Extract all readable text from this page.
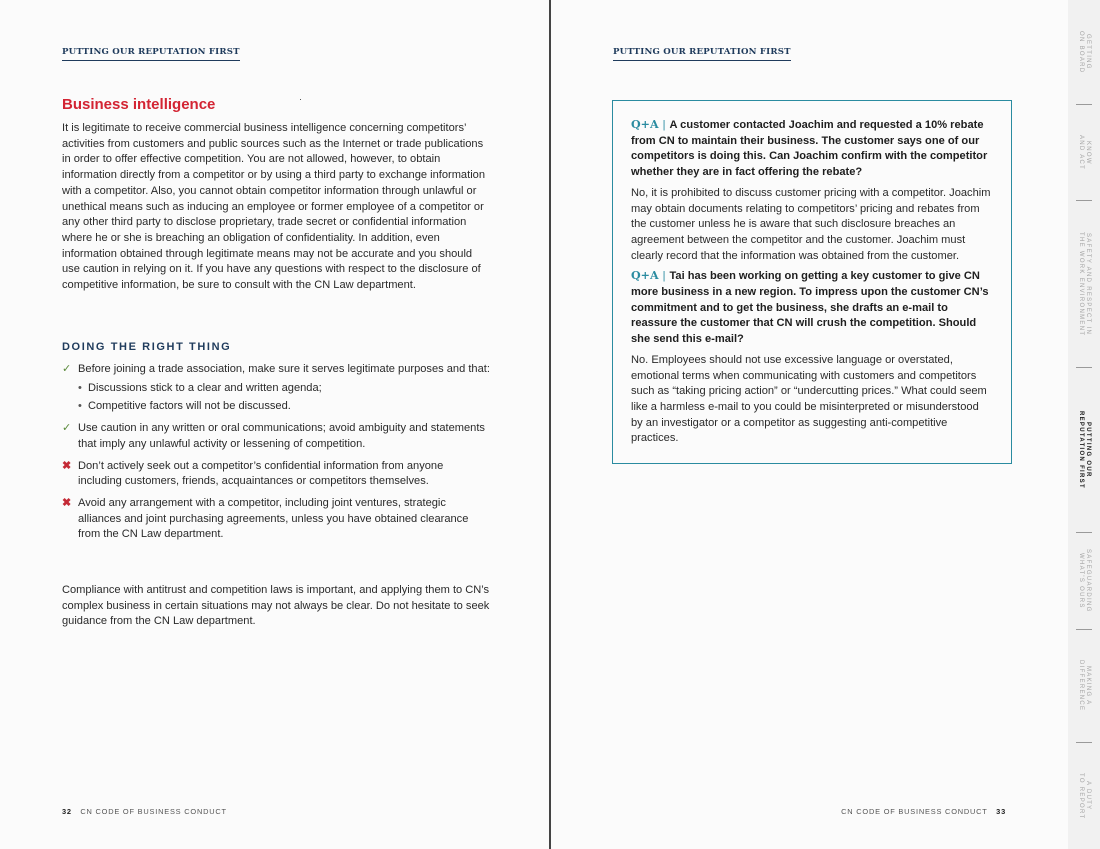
PUTTING OUR REPUTATION FIRST
Business intelligence

It is legitimate to receive commercial business intelligence concerning competitors’ activities from customers and public sources such as the Internet or trade publications in order to offer effective competition. You are not allowed, however, to obtain information directly from a competitor or by using a third party to exchange information with a competitor. Also, you cannot obtain competitor information through unlawful or unethical means such as inducing an employee or former employee of a competitor or any other third party to disclose proprietary, trade secret or confidential information where he or she is breaching an obligation of confidentiality. In addition, even information obtained through legitimate means may not be accurate and you should use caution in relying on it. If you have any questions with respect to the disclosure of competitive information, be sure to consult with the CN Law department.

DOING THE RIGHT THING
✓ Before joining a trade association, make sure it serves legitimate purposes and that:

• Discussions stick to a clear and written agenda;

• Competitive factors will not be discussed.

✓ Use caution in any written or oral communications; avoid ambiguity and statements that imply any unlawful activity or lessening of competition.

✖ Don’t actively seek out a competitor’s confidential information from anyone including customers, friends, acquaintances or competitors themselves.

✖ Avoid any arrangement with a competitor, including joint ventures, strategic alliances and joint purchasing agreements, unless you have obtained clearance from the CN Law department.

Compliance with antitrust and competition laws is important, and applying them to CN’s complex business in certain situations may not always be clear. Do not hesitate to seek guidance from the CN Law department.

32 CN CODE OF BUSINESS CONDUCT
PUTTING OUR REPUTATION FIRST

Q+A | A customer contacted Joachim and requested a 10% rebate from CN to maintain their business. The customer says one of our competitors is doing this. Can Joachim confirm with the competitor whether they are in fact offering the rebate?

No, it is prohibited to discuss customer pricing with a competitor. Joachim may obtain documents relating to competitors’ pricing and rebates from the customer unless he is aware that such disclosure breaches an agreement between the competitor and the customer. Joachim must clearly record that the information was obtained from the customer.

Q+A | Tai has been working on getting a key customer to give CN more business in a new region. To impress upon the customer CN’s commitment and to get the business, she drafts an e-mail to reassure the customer that CN will crush the competition. Should she send this e-mail?

No. Employees should not use excessive language or overstated, emotional terms when communicating with customers and competitors such as “taking pricing action” or “undercutting prices.” What could seem like a harmless e-mail to you could be misinterpreted or misunderstood by an investigator or a competitor as suggesting anti-competitive practices.

CN CODE OF BUSINESS CONDUCT 33
GETTING
ON BOARD
KNOW
AND ACT
SAFETY AND RESPECT IN
THE WORK ENVIRONMENT
PUTTING OUR
REPUTATION FIRST
SAFEGUARDING
WHAT'S OURS
MAKING A
DIFFERENCE
A DUTY
TO REPORT
